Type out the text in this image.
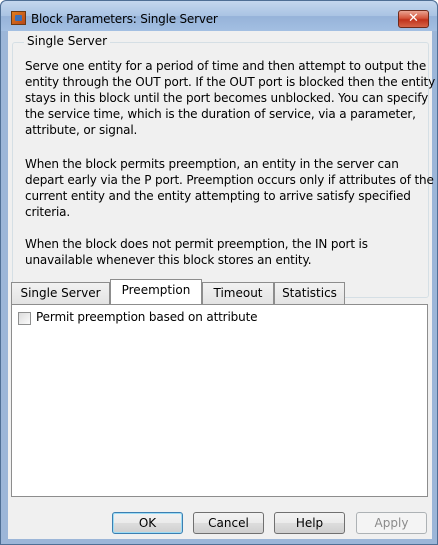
Block Parameters: Single Server	✕
Single Server
Serve one entity for a period of time and then attempt to output the
entity through the OUT port. If the OUT port is blocked then the entity
stays in this block until the port becomes unblocked. You can specify
the service time, which is the duration of service, via a parameter,
attribute, or signal.
When the block permits preemption, an entity in the server can
depart early via the P port. Preemption occurs only if attributes of the
current entity and the entity attempting to arrive satisfy specified
criteria.
When the block does not permit preemption, the IN port is
unavailable whenever this block stores an entity.
Single Server	Preemption	Timeout	Statistics
Permit preemption based on attribute
OK	Cancel	Help	Apply
